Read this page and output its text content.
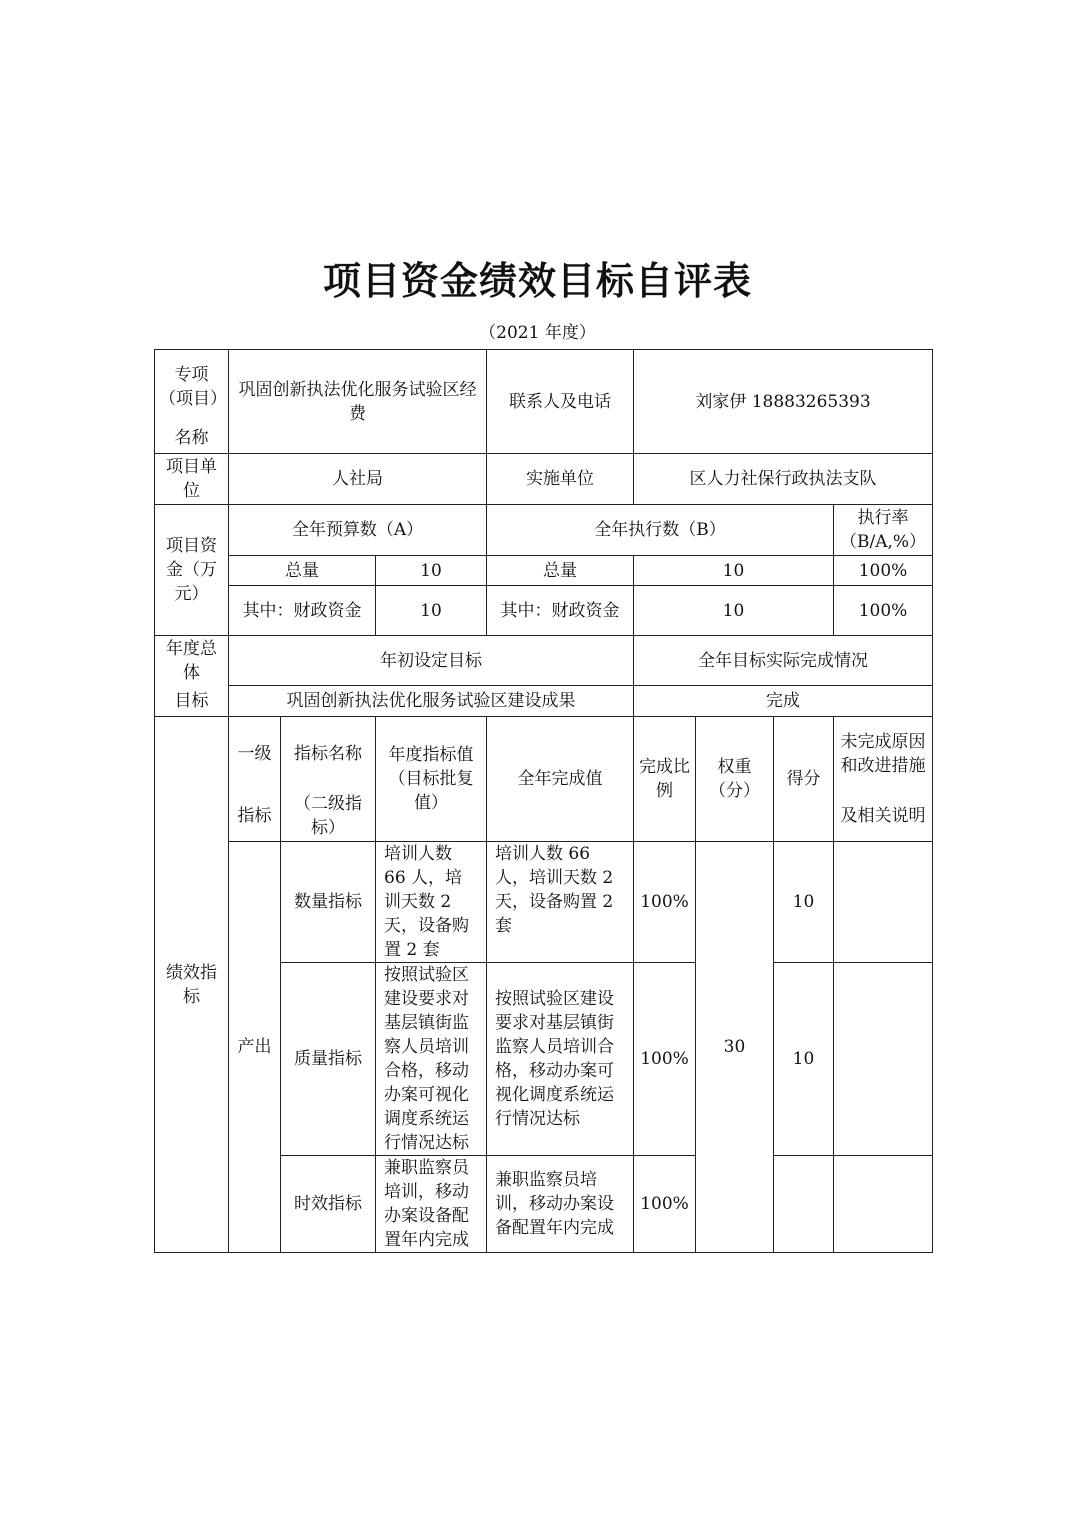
项目资金绩效目标自评表
（2021 年度）
专项（项目）	巩固创新执法优化服务试验区经费			联系人及电话	刘家伊 18883265393			
名称								
项目单位	人社局			实施单位	区人力社保行政执法支队			
项目资金（万元）	全年预算数（A）			全年执行数（B）				执行率（B/A,%）
	总量		10	总量	10			100%
	其中：财政资金		10	其中：财政资金	10			100%
年度总体	年初设定目标				全年目标实际完成情况			
目标	巩固创新执法优化服务试验区建设成果				完成			
绩效指标	一级	指标名称	年度指标值（目标批复值）	全年完成值	完成比例	权重（分）	得分	未完成原因和改进措施
	指标	（二级指标）						及相关说明
	产出	数量指标	培训人数 66 人，培训天数 2 天，设备购置 2 套	培训人数 66 人，培训天数 2 天，设备购置 2 套	100%	30	10	
		质量指标	按照试验区建设要求对基层镇街监察人员培训合格，移动办案可视化调度系统运行情况达标	按照试验区建设要求对基层镇街监察人员培训合格，移动办案可视化调度系统运行情况达标	100%		10	
		时效指标	兼职监察员培训，移动办案设备配置年内完成	兼职监察员培训，移动办案设备配置年内完成	100%			
